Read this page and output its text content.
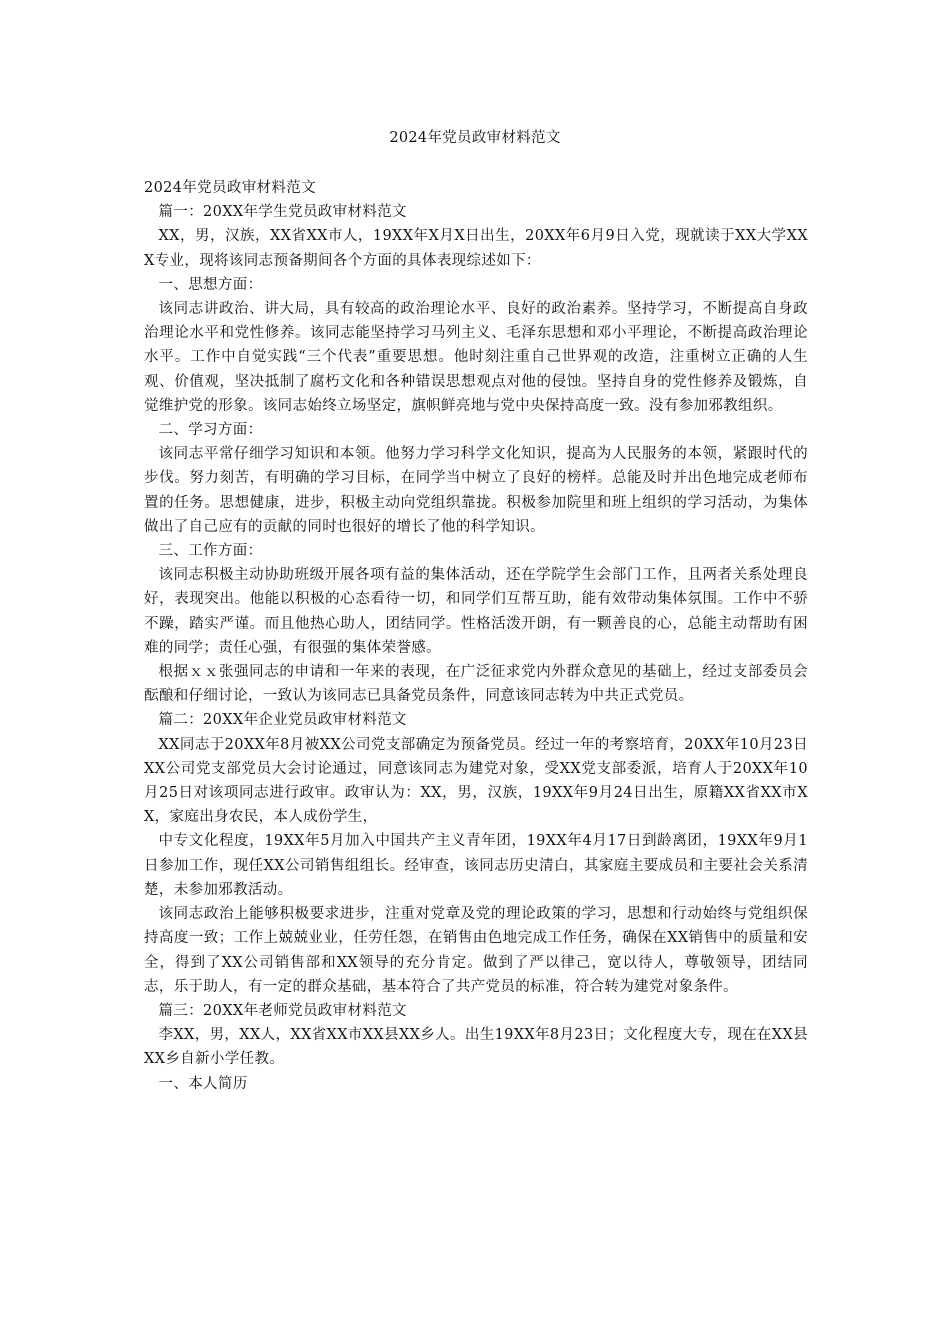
2024年党员政审材料范文

2024年党员政审材料范文

篇一：20XX年学生党员政审材料范文

XX，男，汉族，XX省XX市人，19XX年X月X日出生，20XX年6月9日入党，现就读于XX大学XXX专业，现将该同志预备期间各个方面的具体表现综述如下：

一、思想方面：

该同志讲政治、讲大局，具有较高的政治理论水平、良好的政治素养。坚持学习，不断提高自身政治理论水平和党性修养。该同志能坚持学习马列主义、毛泽东思想和邓小平理论，不断提高政治理论水平。工作中自觉实践“三个代表”重要思想。他时刻注重自己世界观的改造，注重树立正确的人生观、价值观，坚决抵制了腐朽文化和各种错误思想观点对他的侵蚀。坚持自身的党性修养及锻炼，自觉维护党的形象。该同志始终立场坚定，旗帜鲜亮地与党中央保持高度一致。没有参加邪教组织。

二、学习方面：

该同志平常仔细学习知识和本领。他努力学习科学文化知识，提高为人民服务的本领，紧跟时代的步伐。努力刻苦，有明确的学习目标，在同学当中树立了良好的榜样。总能及时并出色地完成老师布置的任务。思想健康，进步，积极主动向党组织靠拢。积极参加院里和班上组织的学习活动，为集体做出了自己应有的贡献的同时也很好的增长了他的科学知识。

三、工作方面：

该同志积极主动协助班级开展各项有益的集体活动，还在学院学生会部门工作，且两者关系处理良好，表现突出。他能以积极的心态看待一切，和同学们互帮互助，能有效带动集体氛围。工作中不骄不躁，踏实严谨。而且他热心助人，团结同学。性格活泼开朗，有一颗善良的心，总能主动帮助有困难的同学；责任心强，有很强的集体荣誉感。

根据ｘｘ张强同志的申请和一年来的表现，在广泛征求党内外群众意见的基础上，经过支部委员会酝酿和仔细讨论，一致认为该同志已具备党员条件，同意该同志转为中共正式党员。

篇二：20XX年企业党员政审材料范文

XX同志于20XX年8月被XX公司党支部确定为预备党员。经过一年的考察培育，20XX年10月23日XX公司党支部党员大会讨论通过，同意该同志为建党对象，受XX党支部委派，培育人于20XX年10月25日对该项同志进行政审。政审认为：XX，男，汉族，19XX年9月24日出生，原籍XX省XX市XX，家庭出身农民，本人成份学生，

中专文化程度，19XX年5月加入中国共产主义青年团，19XX年4月17日到龄离团，19XX年9月1日参加工作，现任XX公司销售组组长。经审查，该同志历史清白，其家庭主要成员和主要社会关系清楚，未参加邪教活动。

该同志政治上能够积极要求进步，注重对党章及党的理论政策的学习，思想和行动始终与党组织保持高度一致；工作上兢兢业业，任劳任怨，在销售由色地完成工作任务，确保在XX销售中的质量和安全，得到了XX公司销售部和XX领导的充分肯定。做到了严以律己，宽以待人，尊敬领导，团结同志，乐于助人，有一定的群众基础，基本符合了共产党员的标准，符合转为建党对象条件。

篇三：20XX年老师党员政审材料范文

李XX，男，XX人，XX省XX市XX县XX乡人。出生19XX年8月23日；文化程度大专，现在在XX县XX乡自新小学任教。

一、本人简历
